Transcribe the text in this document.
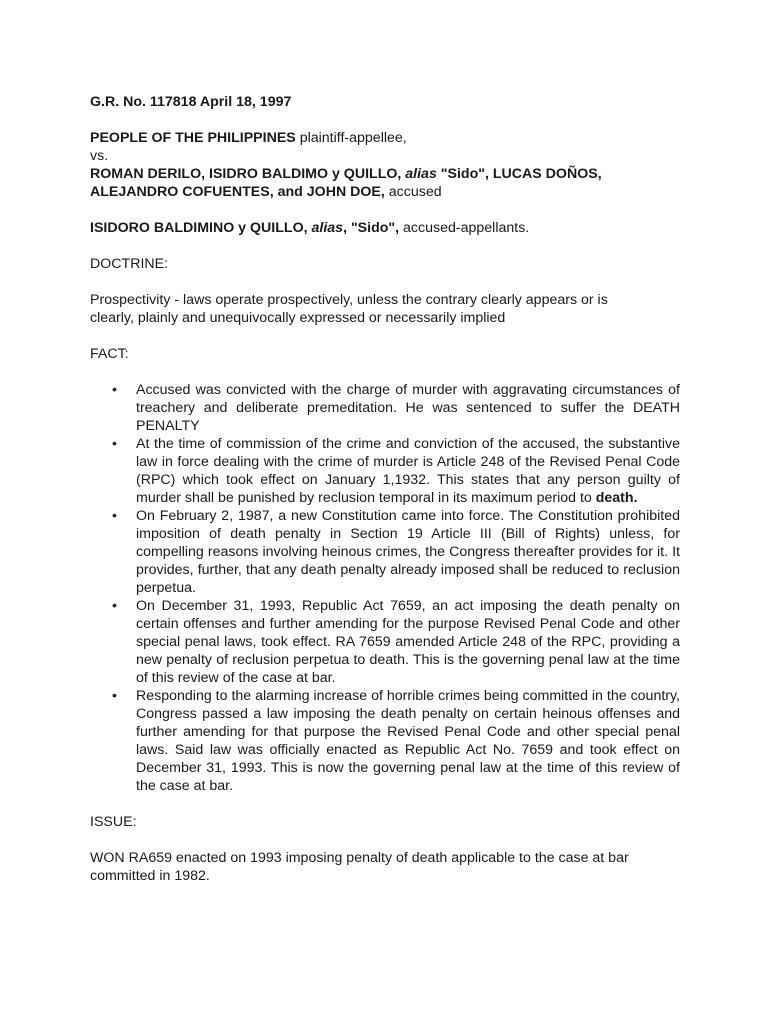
G.R. No. 117818 April 18, 1997
PEOPLE OF THE PHILIPPINES plaintiff-appellee,
vs.
ROMAN DERILO, ISIDRO BALDIMO y QUILLO, alias "Sido", LUCAS DOÑOS,
ALEJANDRO COFUENTES, and JOHN DOE, accused
ISIDORO BALDIMINO y QUILLO, alias, "Sido", accused-appellants.
DOCTRINE:
Prospectivity - laws operate prospectively, unless the contrary clearly appears or is
clearly, plainly and unequivocally expressed or necessarily implied
FACT:
• Accused was convicted with the charge of murder with aggravating circumstances of treachery and deliberate premeditation. He was sentenced to suffer the DEATH PENALTY
• At the time of commission of the crime and conviction of the accused, the substantive law in force dealing with the crime of murder is Article 248 of the Revised Penal Code (RPC) which took effect on January 1,1932. This states that any person guilty of murder shall be punished by reclusion temporal in its maximum period to death.
• On February 2, 1987, a new Constitution came into force. The Constitution prohibited imposition of death penalty in Section 19 Article III (Bill of Rights) unless, for compelling reasons involving heinous crimes, the Congress thereafter provides for it. It provides, further, that any death penalty already imposed shall be reduced to reclusion perpetua.
• On December 31, 1993, Republic Act 7659, an act imposing the death penalty on certain offenses and further amending for the purpose Revised Penal Code and other special penal laws, took effect. RA 7659 amended Article 248 of the RPC, providing a new penalty of reclusion perpetua to death. This is the governing penal law at the time of this review of the case at bar.
• Responding to the alarming increase of horrible crimes being committed in the country, Congress passed a law imposing the death penalty on certain heinous offenses and further amending for that purpose the Revised Penal Code and other special penal laws. Said law was officially enacted as Republic Act No. 7659 and took effect on December 31, 1993. This is now the governing penal law at the time of this review of the case at bar.
ISSUE:
WON RA659 enacted on 1993 imposing penalty of death applicable to the case at bar
committed in 1982.
